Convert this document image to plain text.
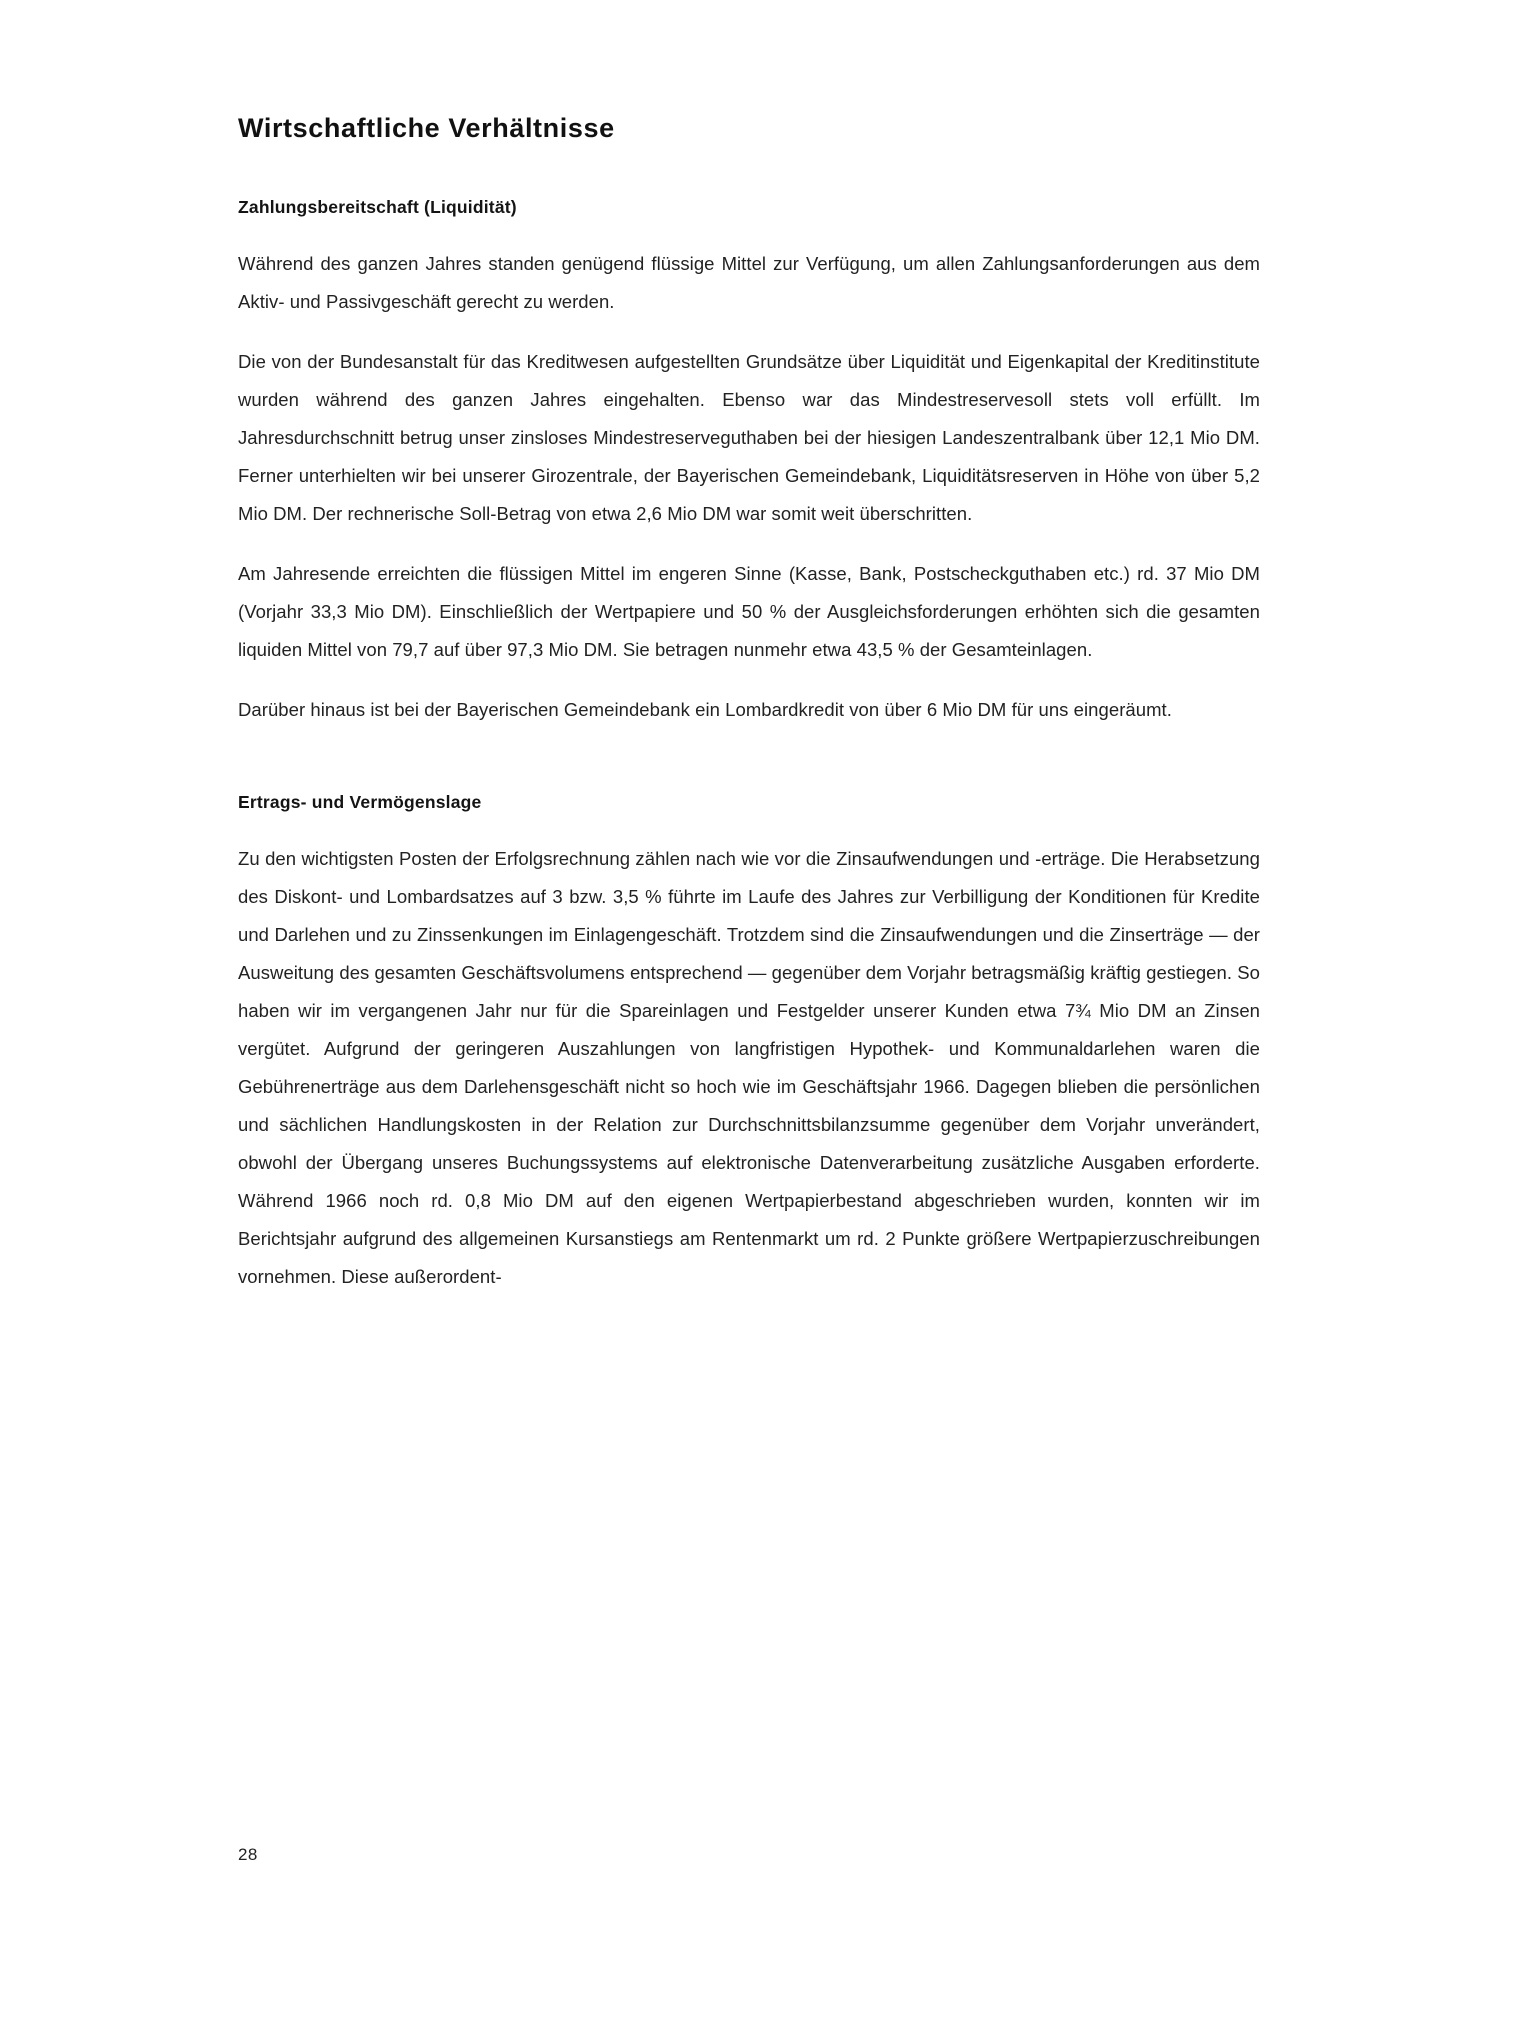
Wirtschaftliche Verhältnisse
Zahlungsbereitschaft (Liquidität)

Während des ganzen Jahres standen genügend flüssige Mittel zur Verfügung, um allen Zahlungsanforderungen aus dem Aktiv- und Passivgeschäft gerecht zu werden.

Die von der Bundesanstalt für das Kreditwesen aufgestellten Grundsätze über Liquidität und Eigenkapital der Kreditinstitute wurden während des ganzen Jahres eingehalten. Ebenso war das Mindestreservesoll stets voll erfüllt. Im Jahresdurchschnitt betrug unser zinsloses Mindestreserveguthaben bei der hiesigen Landeszentralbank über 12,1 Mio DM. Ferner unterhielten wir bei unserer Girozentrale, der Bayerischen Gemeindebank, Liquiditätsreserven in Höhe von über 5,2 Mio DM. Der rechnerische Soll-Betrag von etwa 2,6 Mio DM war somit weit überschritten.

Am Jahresende erreichten die flüssigen Mittel im engeren Sinne (Kasse, Bank, Postscheckguthaben etc.) rd. 37 Mio DM (Vorjahr 33,3 Mio DM). Einschließlich der Wertpapiere und 50 % der Ausgleichsforderungen erhöhten sich die gesamten liquiden Mittel von 79,7 auf über 97,3 Mio DM. Sie betragen nunmehr etwa 43,5 % der Gesamteinlagen.

Darüber hinaus ist bei der Bayerischen Gemeindebank ein Lombardkredit von über 6 Mio DM für uns eingeräumt.

Ertrags- und Vermögenslage

Zu den wichtigsten Posten der Erfolgsrechnung zählen nach wie vor die Zinsaufwendungen und -erträge. Die Herabsetzung des Diskont- und Lombardsatzes auf 3 bzw. 3,5 % führte im Laufe des Jahres zur Verbilligung der Konditionen für Kredite und Darlehen und zu Zinssenkungen im Einlagengeschäft. Trotzdem sind die Zinsaufwendungen und die Zinserträge — der Ausweitung des gesamten Geschäftsvolumens entsprechend — gegenüber dem Vorjahr betragsmäßig kräftig gestiegen. So haben wir im vergangenen Jahr nur für die Spareinlagen und Festgelder unserer Kunden etwa 7¾ Mio DM an Zinsen vergütet. Aufgrund der geringeren Auszahlungen von langfristigen Hypothek- und Kommunaldarlehen waren die Gebührenerträge aus dem Darlehensgeschäft nicht so hoch wie im Geschäftsjahr 1966. Dagegen blieben die persönlichen und sächlichen Handlungskosten in der Relation zur Durchschnittsbilanzsumme gegenüber dem Vorjahr unverändert, obwohl der Übergang unseres Buchungssystems auf elektronische Datenverarbeitung zusätzliche Ausgaben erforderte. Während 1966 noch rd. 0,8 Mio DM auf den eigenen Wertpapierbestand abgeschrieben wurden, konnten wir im Berichtsjahr aufgrund des allgemeinen Kursanstiegs am Rentenmarkt um rd. 2 Punkte größere Wertpapierzuschreibungen vornehmen. Diese außerordent-

28
